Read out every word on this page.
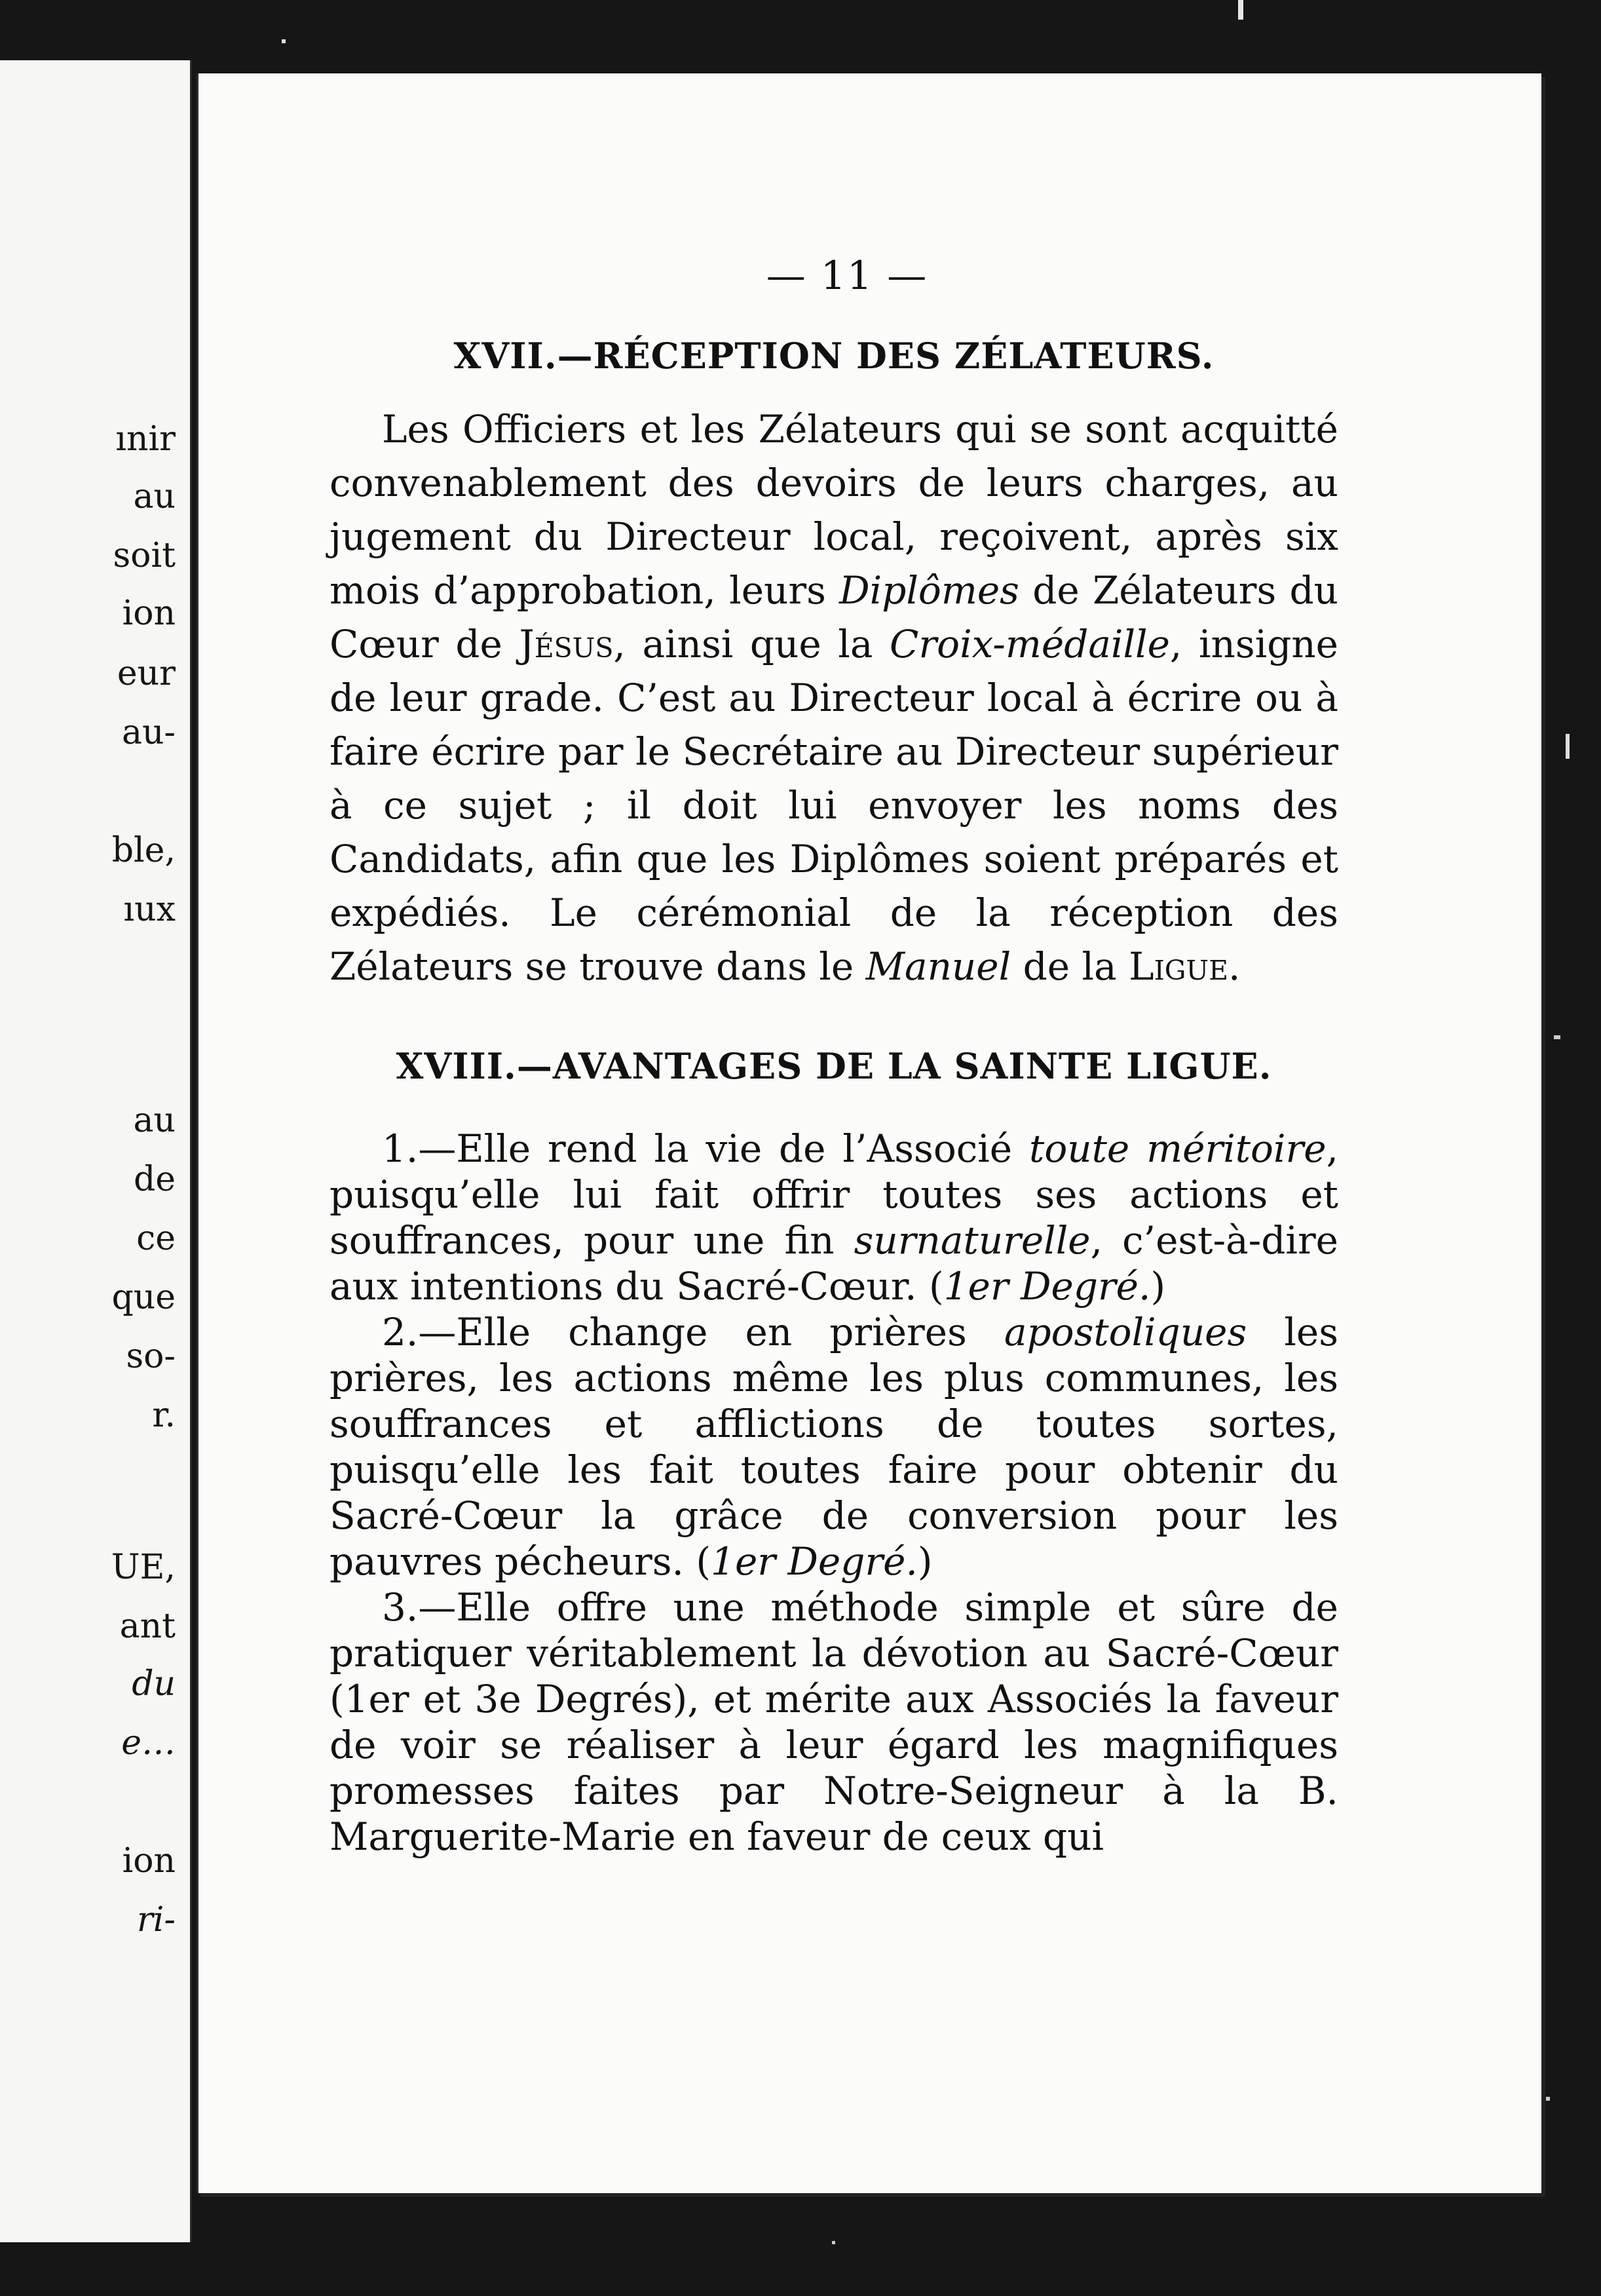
ınir
au
soit
ion
eur
au-
ble,
ıux
au
de
ce
que
so-
r.
UE,
ant
du
e…
ion
ri-
— 11 —
XVII.—RÉCEPTION DES ZÉLATEURS.

Les Officiers et les Zélateurs qui se sont acquitté convenablement des devoirs de leurs charges, au jugement du Directeur local, reçoivent, après six mois d’approbation, leurs Diplômes de Zélateurs du Cœur de Jésus, ainsi que la Croix-médaille, insigne de leur grade. C’est au Directeur local à écrire ou à faire écrire par le Secrétaire au Directeur supérieur à ce sujet ; il doit lui envoyer les noms des Candidats, afin que les Diplômes soient préparés et expédiés. Le cérémonial de la réception des Zélateurs se trouve dans le Manuel de la Ligue.

XVIII.—AVANTAGES DE LA SAINTE LIGUE.

1.—Elle rend la vie de l’Associé toute méritoire, puisqu’elle lui fait offrir toutes ses actions et souffrances, pour une fin surnaturelle, c’est-à-dire aux intentions du Sacré-Cœur. (1er Degré.)

2.—Elle change en prières apostoliques les prières, les actions même les plus communes, les souffrances et afflictions de toutes sortes, puisqu’elle les fait toutes faire pour obtenir du Sacré-Cœur la grâce de conversion pour les pauvres pécheurs. (1er Degré.)

3.—Elle offre une méthode simple et sûre de pratiquer véritablement la dévotion au Sacré-Cœur (1er et 3e Degrés), et mérite aux Associés la faveur de voir se réaliser à leur égard les magnifiques promesses faites par Notre-Seigneur à la B. Marguerite-Marie en faveur de ceux qui
